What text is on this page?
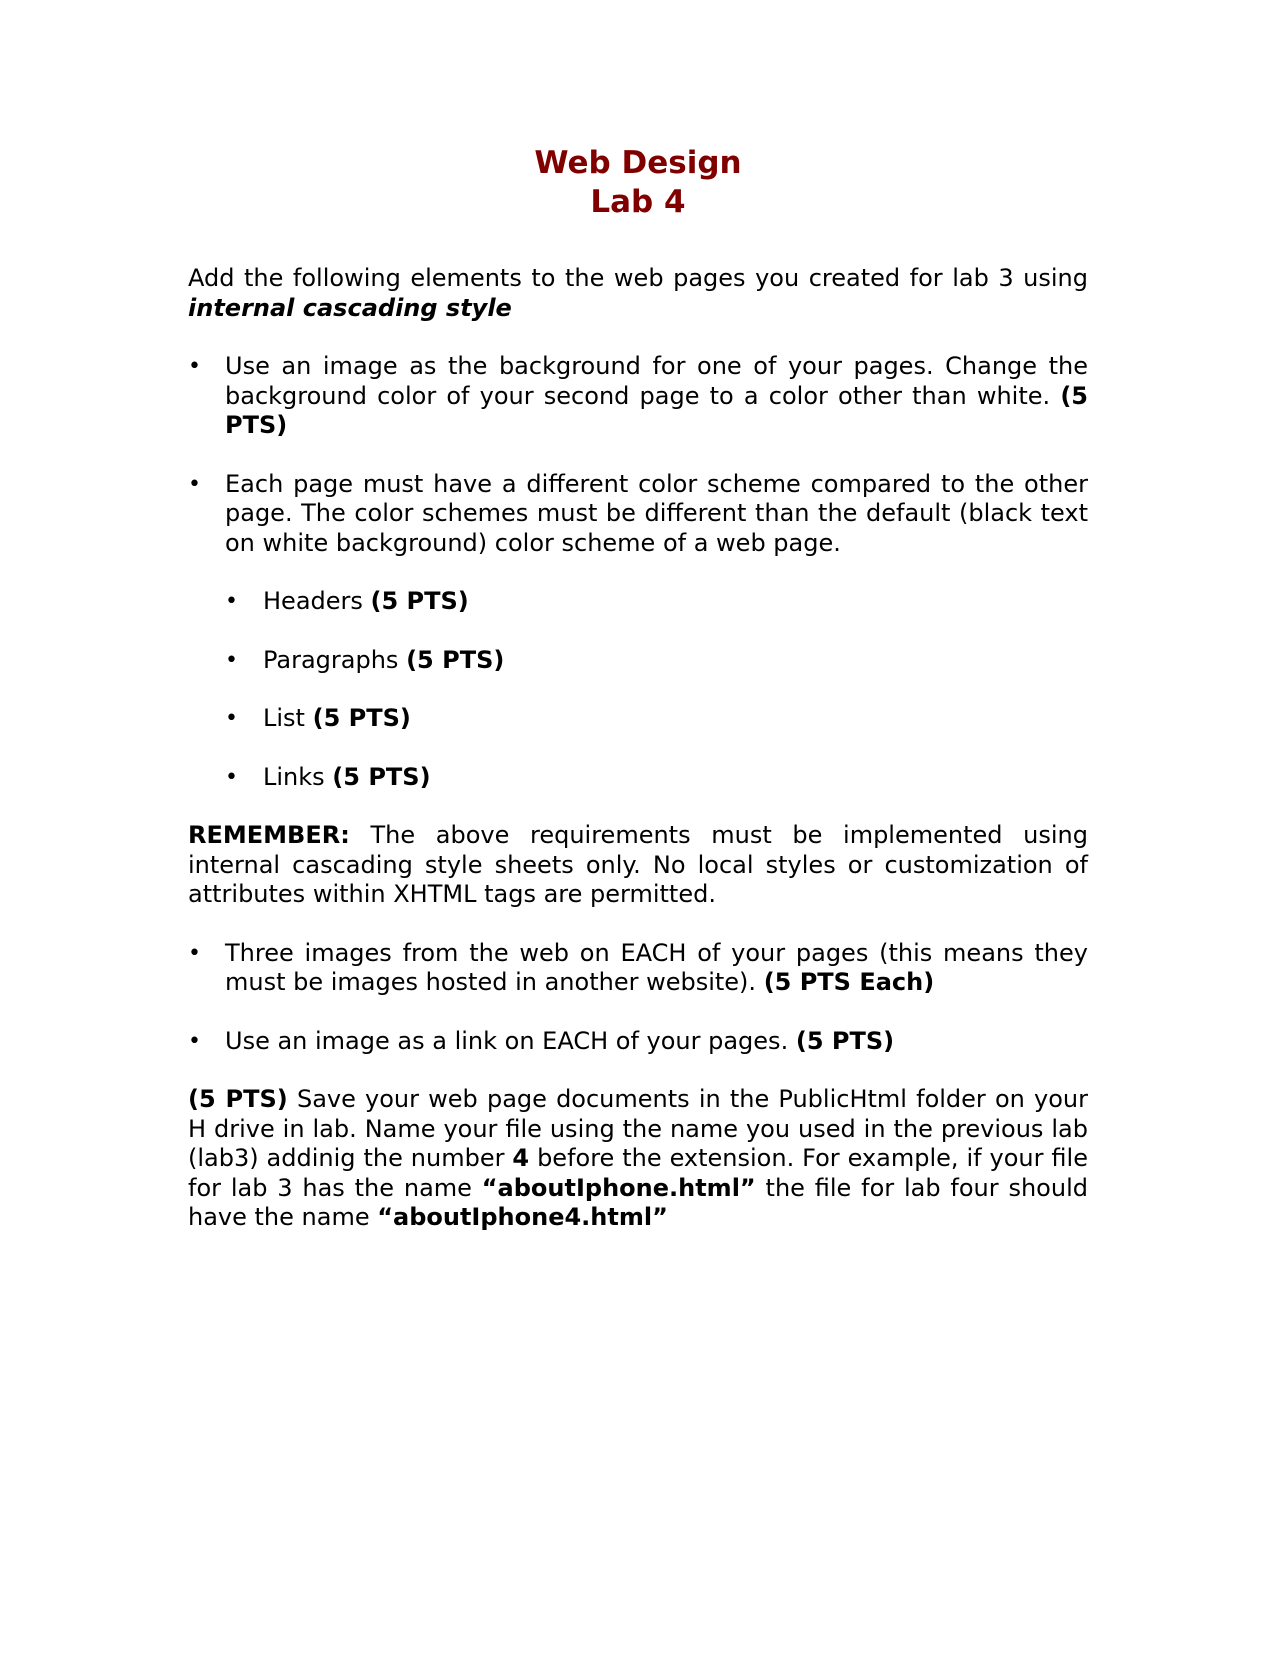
Web Design
Lab 4

Add the following elements to the web pages you created for lab 3 using internal cascading style

• Use an image as the background for one of your pages. Change the background color of your second page to a color other than white. (5 PTS)
• Each page must have a different color scheme compared to the other page. The color schemes must be different than the default (black text on white background) color scheme of a web page.
• Headers (5 PTS)
• Paragraphs (5 PTS)
• List (5 PTS)
• Links (5 PTS)

REMEMBER: The above requirements must be implemented using internal cascading style sheets only. No local styles or customization of attributes within XHTML tags are permitted.

• Three images from the web on EACH of your pages (this means they must be images hosted in another website). (5 PTS Each)
• Use an image as a link on EACH of your pages. (5 PTS)

(5 PTS) Save your web page documents in the PublicHtml folder on your H drive in lab. Name your file using the name you used in the previous lab (lab3) addinig the number 4 before the extension. For example, if your file for lab 3 has the name “aboutIphone.html” the file for lab four should have the name “aboutIphone4.html”
